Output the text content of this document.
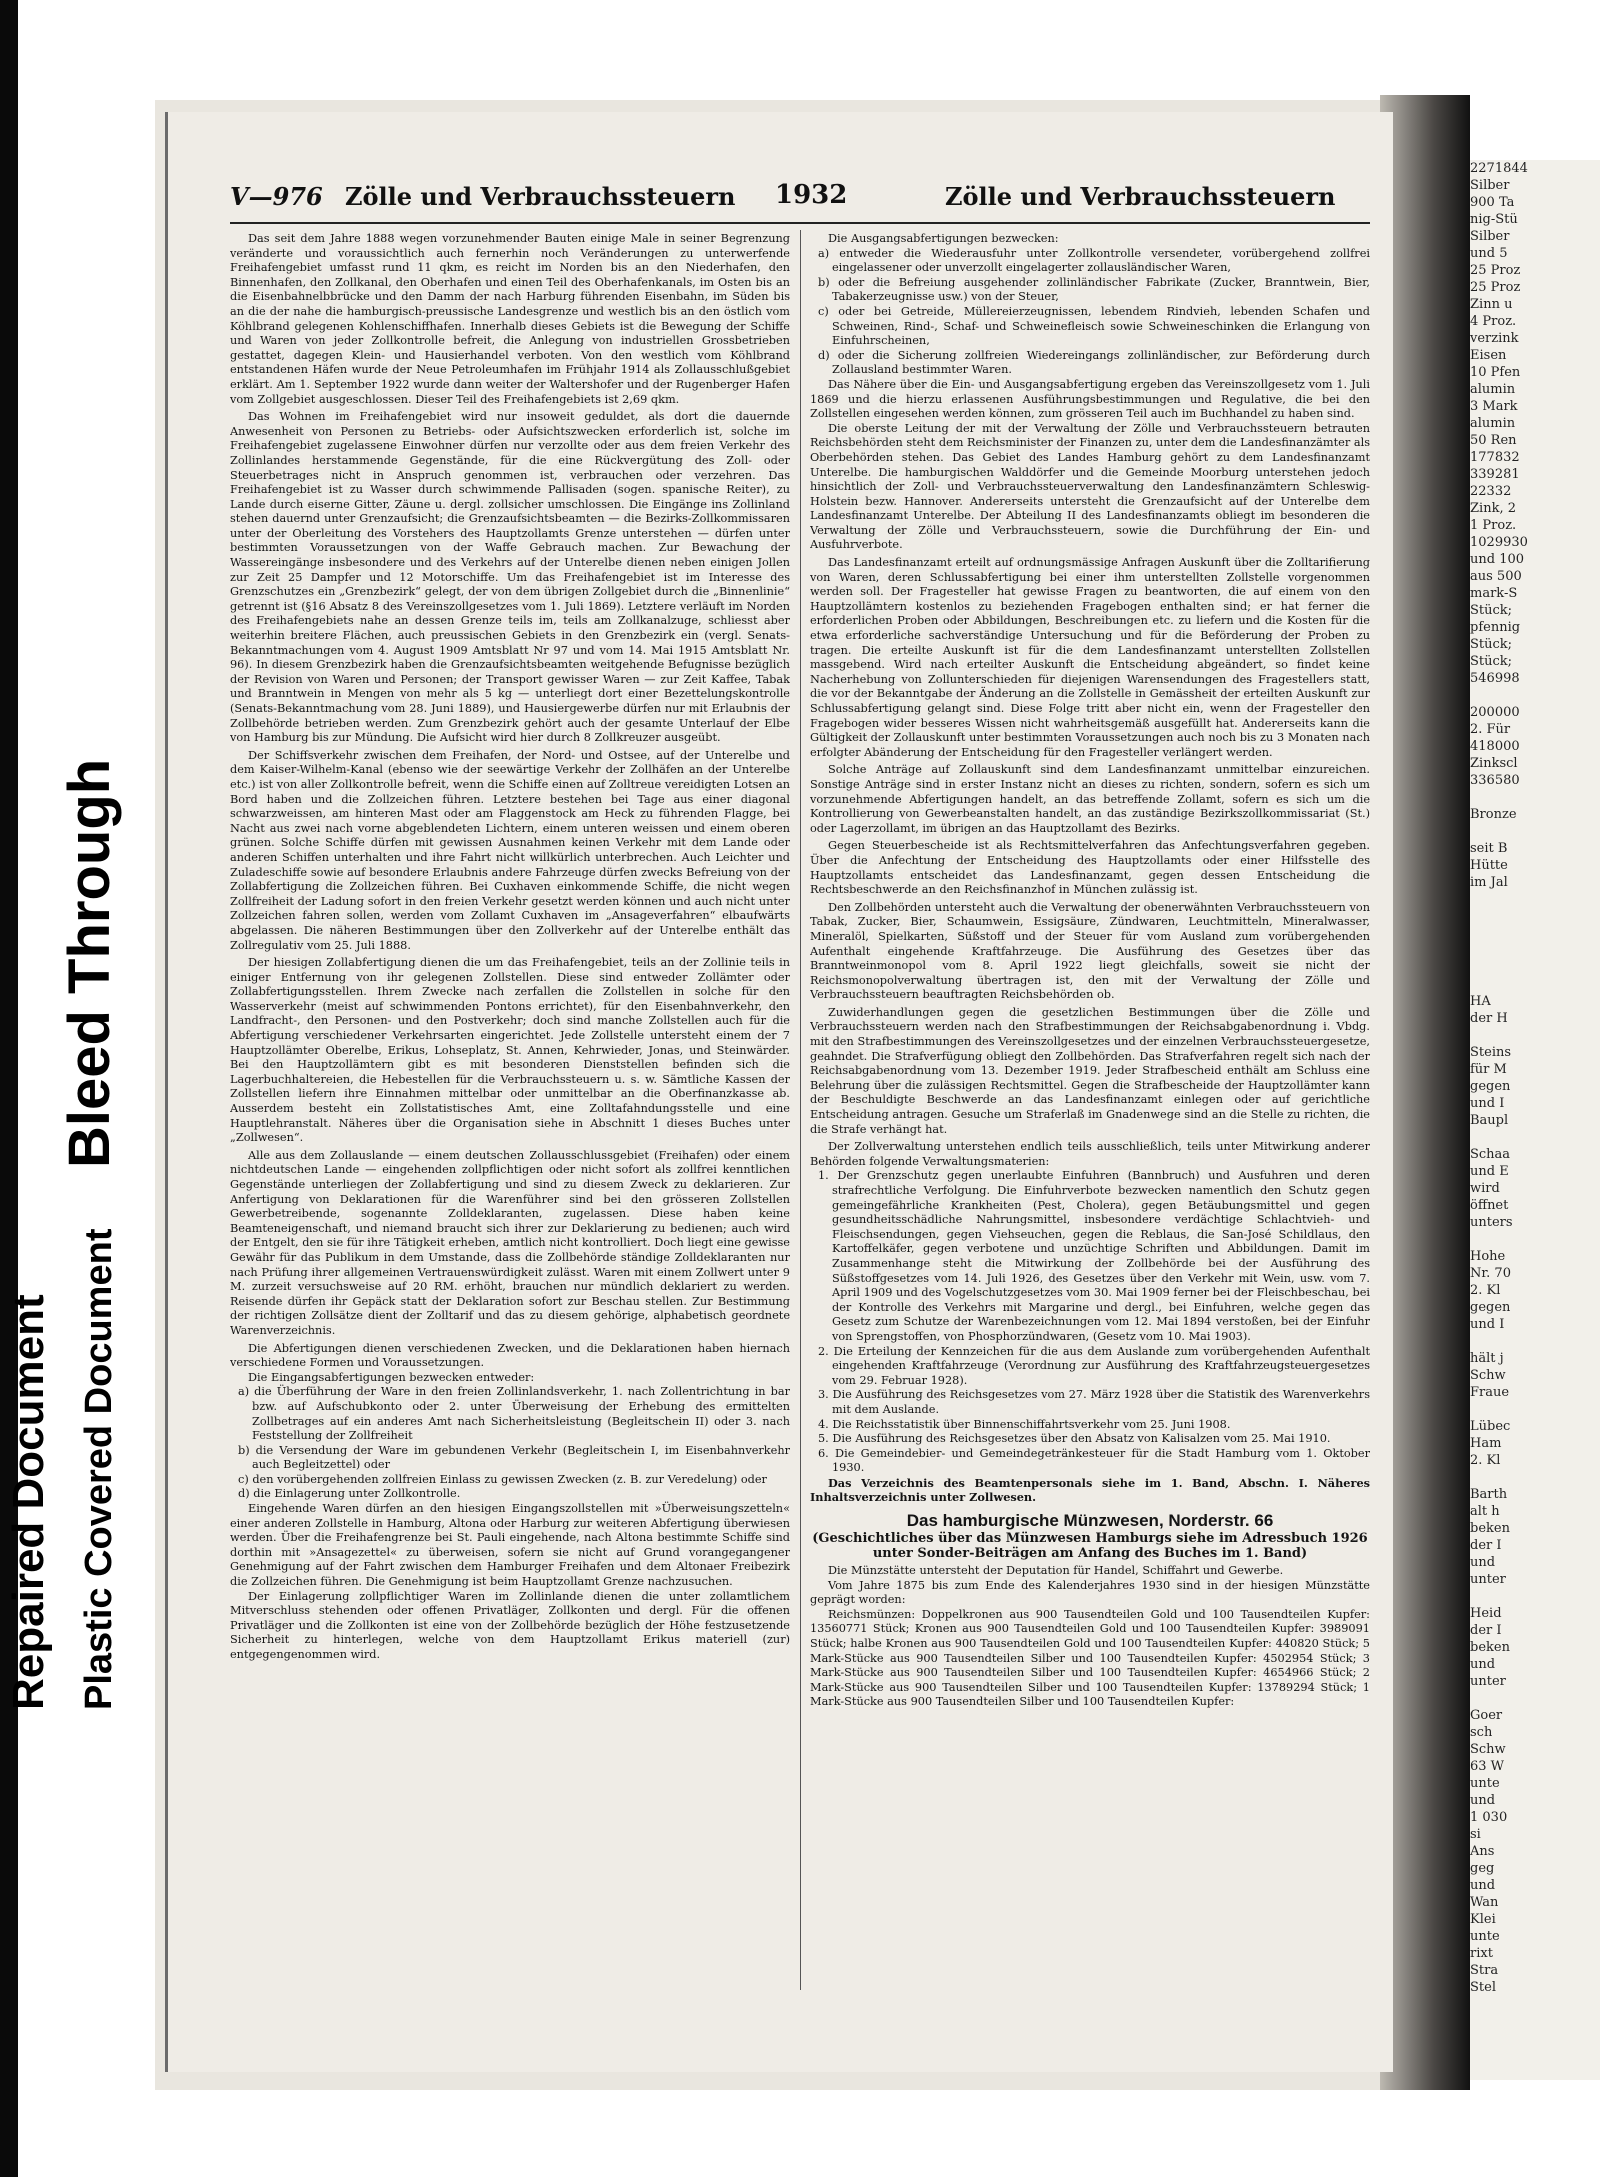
Repaired Document
Bleed Through
Plastic Covered Document
V—976 Zölle und Verbrauchssteuern 1932	Zölle und Verbrauchssteuern

Das seit dem Jahre 1888 wegen vorzunehmender Bauten einige Male in seiner Begrenzung veränderte und voraussichtlich auch fernerhin noch Veränderungen zu unterwerfende Freihafengebiet umfasst rund 11 qkm, es reicht im Norden bis an den Niederhafen, den Binnenhafen, den Zollkanal, den Oberhafen und einen Teil des Oberhafenkanals, im Osten bis an die Eisenbahnelbbrücke und den Damm der nach Harburg führenden Eisenbahn, im Süden bis an die der nahe die hamburgisch-preussische Landesgrenze und westlich bis an den östlich vom Köhlbrand gelegenen Kohlenschiffhafen. Innerhalb dieses Gebiets ist die Bewegung der Schiffe und Waren von jeder Zollkontrolle befreit, die Anlegung von industriellen Grossbetrieben gestattet, dagegen Klein- und Hausierhandel verboten. Von den westlich vom Köhlbrand entstandenen Häfen wurde der Neue Petroleumhafen im Frühjahr 1914 als Zollausschlußgebiet erklärt. Am 1. September 1922 wurde dann weiter der Waltershofer und der Rugenberger Hafen vom Zollgebiet ausgeschlossen. Dieser Teil des Freihafengebiets ist 2,69 qkm.

Das Wohnen im Freihafengebiet wird nur insoweit geduldet, als dort die dauernde Anwesenheit von Personen zu Betriebs- oder Aufsichtszwecken erforderlich ist, solche im Freihafengebiet zugelassene Einwohner dürfen nur verzollte oder aus dem freien Verkehr des Zollinlandes herstammende Gegenstände, für die eine Rückvergütung des Zoll- oder Steuerbetrages nicht in Anspruch genommen ist, verbrauchen oder verzehren. Das Freihafengebiet ist zu Wasser durch schwimmende Pallisaden (sogen. spanische Reiter), zu Lande durch eiserne Gitter, Zäune u. dergl. zollsicher umschlossen. Die Eingänge ins Zollinland stehen dauernd unter Grenzaufsicht; die Grenzaufsichtsbeamten — die Bezirks-Zollkommissaren unter der Oberleitung des Vorstehers des Hauptzollamts Grenze unterstehen — dürfen unter bestimmten Voraussetzungen von der Waffe Gebrauch machen. Zur Bewachung der Wassereingänge insbesondere und des Verkehrs auf der Unterelbe dienen neben einigen Jollen zur Zeit 25 Dampfer und 12 Motorschiffe. Um das Freihafengebiet ist im Interesse des Grenzschutzes ein „Grenzbezirk“ gelegt, der von dem übrigen Zollgebiet durch die „Binnenlinie“ getrennt ist (§16 Absatz 8 des Vereinszollgesetzes vom 1. Juli 1869). Letztere verläuft im Norden des Freihafengebiets nahe an dessen Grenze teils im, teils am Zollkanalzuge, schliesst aber weiterhin breitere Flächen, auch preussischen Gebiets in den Grenzbezirk ein (vergl. Senats-Bekanntmachungen vom 4. August 1909 Amtsblatt Nr 97 und vom 14. Mai 1915 Amtsblatt Nr. 96). In diesem Grenzbezirk haben die Grenzaufsichtsbeamten weitgehende Befugnisse bezüglich der Revision von Waren und Personen; der Transport gewisser Waren — zur Zeit Kaffee, Tabak und Branntwein in Mengen von mehr als 5 kg — unterliegt dort einer Bezettelungskontrolle (Senats-Bekanntmachung vom 28. Juni 1889), und Hausiergewerbe dürfen nur mit Erlaubnis der Zollbehörde betrieben werden. Zum Grenzbezirk gehört auch der gesamte Unterlauf der Elbe von Hamburg bis zur Mündung. Die Aufsicht wird hier durch 8 Zollkreuzer ausgeübt.

Der Schiffsverkehr zwischen dem Freihafen, der Nord- und Ostsee, auf der Unterelbe und dem Kaiser-Wilhelm-Kanal (ebenso wie der seewärtige Verkehr der Zollhäfen an der Unterelbe etc.) ist von aller Zollkontrolle befreit, wenn die Schiffe einen auf Zolltreue vereidigten Lotsen an Bord haben und die Zollzeichen führen. Letztere bestehen bei Tage aus einer diagonal schwarzweissen, am hinteren Mast oder am Flaggenstock am Heck zu führenden Flagge, bei Nacht aus zwei nach vorne abgeblendeten Lichtern, einem unteren weissen und einem oberen grünen. Solche Schiffe dürfen mit gewissen Ausnahmen keinen Verkehr mit dem Lande oder anderen Schiffen unterhalten und ihre Fahrt nicht willkürlich unterbrechen. Auch Leichter und Zuladeschiffe sowie auf besondere Erlaubnis andere Fahrzeuge dürfen zwecks Befreiung von der Zollabfertigung die Zollzeichen führen. Bei Cuxhaven einkommende Schiffe, die nicht wegen Zollfreiheit der Ladung sofort in den freien Verkehr gesetzt werden können und auch nicht unter Zollzeichen fahren sollen, werden vom Zollamt Cuxhaven im „Ansageverfahren“ elbaufwärts abgelassen. Die näheren Bestimmungen über den Zollverkehr auf der Unterelbe enthält das Zollregulativ vom 25. Juli 1888.

Der hiesigen Zollabfertigung dienen die um das Freihafengebiet, teils an der Zollinie teils in einiger Entfernung von ihr gelegenen Zollstellen. Diese sind entweder Zollämter oder Zollabfertigungsstellen. Ihrem Zwecke nach zerfallen die Zollstellen in solche für den Wasserverkehr (meist auf schwimmenden Pontons errichtet), für den Eisenbahnverkehr, den Landfracht-, den Personen- und den Postverkehr; doch sind manche Zollstellen auch für die Abfertigung verschiedener Verkehrsarten eingerichtet. Jede Zollstelle untersteht einem der 7 Hauptzollämter Oberelbe, Erikus, Lohseplatz, St. Annen, Kehrwieder, Jonas, und Steinwärder. Bei den Hauptzollämtern gibt es mit besonderen Dienststellen befinden sich die Lagerbuchhaltereien, die Hebestellen für die Verbrauchssteuern u. s. w. Sämtliche Kassen der Zollstellen liefern ihre Einnahmen mittelbar oder unmittelbar an die Oberfinanzkasse ab. Ausserdem besteht ein Zollstatistisches Amt, eine Zolltafahndungsstelle und eine Hauptlehranstalt. Näheres über die Organisation siehe in Abschnitt 1 dieses Buches unter „Zollwesen“.

Alle aus dem Zollauslande — einem deutschen Zollausschlussgebiet (Freihafen) oder einem nichtdeutschen Lande — eingehenden zollpflichtigen oder nicht sofort als zollfrei kenntlichen Gegenstände unterliegen der Zollabfertigung und sind zu diesem Zweck zu deklarieren. Zur Anfertigung von Deklarationen für die Warenführer sind bei den grösseren Zollstellen Gewerbetreibende, sogenannte Zolldeklaranten, zugelassen. Diese haben keine Beamteneigenschaft, und niemand braucht sich ihrer zur Deklarierung zu bedienen; auch wird der Entgelt, den sie für ihre Tätigkeit erheben, amtlich nicht kontrolliert. Doch liegt eine gewisse Gewähr für das Publikum in dem Umstande, dass die Zollbehörde ständige Zolldeklaranten nur nach Prüfung ihrer allgemeinen Vertrauenswürdigkeit zulässt. Waren mit einem Zollwert unter 9 M. zurzeit versuchsweise auf 20 RM. erhöht, brauchen nur mündlich deklariert zu werden. Reisende dürfen ihr Gepäck statt der Deklaration sofort zur Beschau stellen. Zur Bestimmung der richtigen Zollsätze dient der Zolltarif und das zu diesem gehörige, alphabetisch geordnete Warenverzeichnis.

Die Abfertigungen dienen verschiedenen Zwecken, und die Deklarationen haben hiernach verschiedene Formen und Voraussetzungen.

Die Eingangsabfertigungen bezwecken entweder:

a) die Überführung der Ware in den freien Zollinlandsverkehr, 1. nach Zollentrichtung in bar bzw. auf Aufschubkonto oder 2. unter Überweisung der Erhebung des ermittelten Zollbetrages auf ein anderes Amt nach Sicherheitsleistung (Begleitschein II) oder 3. nach Feststellung der Zollfreiheit
b) die Versendung der Ware im gebundenen Verkehr (Begleitschein I, im Eisenbahnverkehr auch Begleitzettel) oder
c) den vorübergehenden zollfreien Einlass zu gewissen Zwecken (z. B. zur Veredelung) oder
d) die Einlagerung unter Zollkontrolle.

Eingehende Waren dürfen an den hiesigen Eingangszollstellen mit »Überweisungszetteln« einer anderen Zollstelle in Hamburg, Altona oder Harburg zur weiteren Abfertigung überwiesen werden. Über die Freihafengrenze bei St. Pauli eingehende, nach Altona bestimmte Schiffe sind dorthin mit »Ansagezettel« zu überweisen, sofern sie nicht auf Grund vorangegangener Genehmigung auf der Fahrt zwischen dem Hamburger Freihafen und dem Altonaer Freibezirk die Zollzeichen führen. Die Genehmigung ist beim Hauptzollamt Grenze nachzusuchen.

Der Einlagerung zollpflichtiger Waren im Zollinlande dienen die unter zollamtlichem Mitverschluss stehenden oder offenen Privatläger, Zollkonten und dergl. Für die offenen Privatläger und die Zollkonten ist eine von der Zollbehörde bezüglich der Höhe festzusetzende Sicherheit zu hinterlegen, welche von dem Hauptzollamt Erikus materiell (zur) entgegengenommen wird.

Die Ausgangsabfertigungen bezwecken:

a) entweder die Wiederausfuhr unter Zollkontrolle versendeter, vorübergehend zollfrei eingelassener oder unverzollt eingelagerter zollausländischer Waren,
b) oder die Befreiung ausgehender zollinländischer Fabrikate (Zucker, Branntwein, Bier, Tabakerzeugnisse usw.) von der Steuer,
c) oder bei Getreide, Müllereierzeugnissen, lebendem Rindvieh, lebenden Schafen und Schweinen, Rind-, Schaf- und Schweinefleisch sowie Schweineschinken die Erlangung von Einfuhrscheinen,
d) oder die Sicherung zollfreien Wiedereingangs zollinländischer, zur Beförderung durch Zollausland bestimmter Waren.

Das Nähere über die Ein- und Ausgangsabfertigung ergeben das Vereinszollgesetz vom 1. Juli 1869 und die hierzu erlassenen Ausführungsbestimmungen und Regulative, die bei den Zollstellen eingesehen werden können, zum grösseren Teil auch im Buchhandel zu haben sind.

Die oberste Leitung der mit der Verwaltung der Zölle und Verbrauchssteuern betrauten Reichsbehörden steht dem Reichsminister der Finanzen zu, unter dem die Landesfinanzämter als Oberbehörden stehen. Das Gebiet des Landes Hamburg gehört zu dem Landesfinanzamt Unterelbe. Die hamburgischen Walddörfer und die Gemeinde Moorburg unterstehen jedoch hinsichtlich der Zoll- und Verbrauchssteuerverwaltung den Landesfinanzämtern Schleswig-Holstein bezw. Hannover. Andererseits untersteht die Grenzaufsicht auf der Unterelbe dem Landesfinanzamt Unterelbe. Der Abteilung II des Landesfinanzamts obliegt im besonderen die Verwaltung der Zölle und Verbrauchssteuern, sowie die Durchführung der Ein- und Ausfuhrverbote.

Das Landesfinanzamt erteilt auf ordnungsmässige Anfragen Auskunft über die Zolltarifierung von Waren, deren Schlussabfertigung bei einer ihm unterstellten Zollstelle vorgenommen werden soll. Der Fragesteller hat gewisse Fragen zu beantworten, die auf einem von den Hauptzollämtern kostenlos zu beziehenden Fragebogen enthalten sind; er hat ferner die erforderlichen Proben oder Abbildungen, Beschreibungen etc. zu liefern und die Kosten für die etwa erforderliche sachverständige Untersuchung und für die Beförderung der Proben zu tragen. Die erteilte Auskunft ist für die dem Landesfinanzamt unterstellten Zollstellen massgebend. Wird nach erteilter Auskunft die Entscheidung abgeändert, so findet keine Nacherhebung von Zollunterschieden für diejenigen Warensendungen des Fragestellers statt, die vor der Bekanntgabe der Änderung an die Zollstelle in Gemässheit der erteilten Auskunft zur Schlussabfertigung gelangt sind. Diese Folge tritt aber nicht ein, wenn der Fragesteller den Fragebogen wider besseres Wissen nicht wahrheitsgemäß ausgefüllt hat. Andererseits kann die Gültigkeit der Zollauskunft unter bestimmten Voraussetzungen auch noch bis zu 3 Monaten nach erfolgter Abänderung der Entscheidung für den Fragesteller verlängert werden.

Solche Anträge auf Zollauskunft sind dem Landesfinanzamt unmittelbar einzureichen. Sonstige Anträge sind in erster Instanz nicht an dieses zu richten, sondern, sofern es sich um vorzunehmende Abfertigungen handelt, an das betreffende Zollamt, sofern es sich um die Kontrollierung von Gewerbeanstalten handelt, an das zuständige Bezirkszollkommissariat (St.) oder Lagerzollamt, im übrigen an das Hauptzollamt des Bezirks.

Gegen Steuerbescheide ist als Rechtsmittelverfahren das Anfechtungsverfahren gegeben. Über die Anfechtung der Entscheidung des Hauptzollamts oder einer Hilfsstelle des Hauptzollamts entscheidet das Landesfinanzamt, gegen dessen Entscheidung die Rechtsbeschwerde an den Reichsfinanzhof in München zulässig ist.

Den Zollbehörden untersteht auch die Verwaltung der obenerwähnten Verbrauchssteuern von Tabak, Zucker, Bier, Schaumwein, Essigsäure, Zündwaren, Leuchtmitteln, Mineralwasser, Mineralöl, Spielkarten, Süßstoff und der Steuer für vom Ausland zum vorübergehenden Aufenthalt eingehende Kraftfahrzeuge. Die Ausführung des Gesetzes über das Branntweinmonopol vom 8. April 1922 liegt gleichfalls, soweit sie nicht der Reichsmonopolverwaltung übertragen ist, den mit der Verwaltung der Zölle und Verbrauchssteuern beauftragten Reichsbehörden ob.

Zuwiderhandlungen gegen die gesetzlichen Bestimmungen über die Zölle und Verbrauchssteuern werden nach den Strafbestimmungen der Reichsabgabenordnung i. Vbdg. mit den Strafbestimmungen des Vereinszollgesetzes und der einzelnen Verbrauchssteuergesetze, geahndet. Die Strafverfügung obliegt den Zollbehörden. Das Strafverfahren regelt sich nach der Reichsabgabenordnung vom 13. Dezember 1919. Jeder Strafbescheid enthält am Schluss eine Belehrung über die zulässigen Rechtsmittel. Gegen die Strafbescheide der Hauptzollämter kann der Beschuldigte Beschwerde an das Landesfinanzamt einlegen oder auf gerichtliche Entscheidung antragen. Gesuche um Straferlaß im Gnadenwege sind an die Stelle zu richten, die die Strafe verhängt hat.

Der Zollverwaltung unterstehen endlich teils ausschließlich, teils unter Mitwirkung anderer Behörden folgende Verwaltungsmaterien:

1. Der Grenzschutz gegen unerlaubte Einfuhren (Bannbruch) und Ausfuhren und deren strafrechtliche Verfolgung. Die Einfuhrverbote bezwecken namentlich den Schutz gegen gemeingefährliche Krankheiten (Pest, Cholera), gegen Betäubungsmittel und gegen gesundheitsschädliche Nahrungsmittel, insbesondere verdächtige Schlachtvieh- und Fleischsendungen, gegen Viehseuchen, gegen die Reblaus, die San-José Schildlaus, den Kartoffelkäfer, gegen verbotene und unzüchtige Schriften und Abbildungen. Damit im Zusammenhange steht die Mitwirkung der Zollbehörde bei der Ausführung des Süßstoffgesetzes vom 14. Juli 1926, des Gesetzes über den Verkehr mit Wein, usw. vom 7. April 1909 und des Vogelschutzgesetzes vom 30. Mai 1909 ferner bei der Fleischbeschau, bei der Kontrolle des Verkehrs mit Margarine und dergl., bei Einfuhren, welche gegen das Gesetz zum Schutze der Warenbezeichnungen vom 12. Mai 1894 verstoßen, bei der Einfuhr von Sprengstoffen, von Phosphorzündwaren, (Gesetz vom 10. Mai 1903).
2. Die Erteilung der Kennzeichen für die aus dem Auslande zum vorübergehenden Aufenthalt eingehenden Kraftfahrzeuge (Verordnung zur Ausführung des Kraftfahrzeugsteuergesetzes vom 29. Februar 1928).
3. Die Ausführung des Reichsgesetzes vom 27. März 1928 über die Statistik des Warenverkehrs mit dem Auslande.
4. Die Reichsstatistik über Binnenschiffahrtsverkehr vom 25. Juni 1908.
5. Die Ausführung des Reichsgesetzes über den Absatz von Kalisalzen vom 25. Mai 1910.
6. Die Gemeindebier- und Gemeindegetränkesteuer für die Stadt Hamburg vom 1. Oktober 1930.

Das Verzeichnis des Beamtenpersonals siehe im 1. Band, Abschn. I. Näheres Inhaltsverzeichnis unter Zollwesen.

Das hamburgische Münzwesen, Norderstr. 66
(Geschichtliches über das Münzwesen Hamburgs siehe im Adressbuch 1926 unter Sonder-Beiträgen am Anfang des Buches im 1. Band)

Die Münzstätte untersteht der Deputation für Handel, Schiffahrt und Gewerbe.

Vom Jahre 1875 bis zum Ende des Kalenderjahres 1930 sind in der hiesigen Münzstätte geprägt worden:

Reichsmünzen: Doppelkronen aus 900 Tausendteilen Gold und 100 Tausendteilen Kupfer: 13560771 Stück; Kronen aus 900 Tausendteilen Gold und 100 Tausendteilen Kupfer: 3989091 Stück; halbe Kronen aus 900 Tausendteilen Gold und 100 Tausendteilen Kupfer: 440820 Stück; 5 Mark-Stücke aus 900 Tausendteilen Silber und 100 Tausendteilen Kupfer: 4502954 Stück; 3 Mark-Stücke aus 900 Tausendteilen Silber und 100 Tausendteilen Kupfer: 4654966 Stück; 2 Mark-Stücke aus 900 Tausendteilen Silber und 100 Tausendteilen Kupfer: 13789294 Stück; 1 Mark-Stücke aus 900 Tausendteilen Silber und 100 Tausendteilen Kupfer:

2271844
Silber
900 Ta
nig-Stü
Silber
und 5
25 Proz
25 Proz
Zinn u
4 Proz.
verzink
Eisen
10 Pfen
alumin
3 Mark
alumin
50 Ren
177832
339281
22332
Zink, 2
1 Proz.
1029930
und 100
aus 500
mark-S
Stück;
pfennig
Stück;
Stück;
546998

200000
2. Für
418000
Zinkscl
336580

Bronze

seit B
Hütte
im Jal

HA
der H

Steins
für M
gegen
und I
Baupl

Schaa
und E
wird
öffnet
unters

Hohe
Nr. 70
2. Kl
gegen
und I

hält j
Schw
Fraue

Lübec
Ham
2. Kl

Barth
alt h
beken
der I
und
unter

Heid
der I
beken
und
unter

Goer
sch
Schw
63 W
unte
und
1 030
si
Ans
geg
und
Wan
Klei
unte
rixt
Stra
Stel
